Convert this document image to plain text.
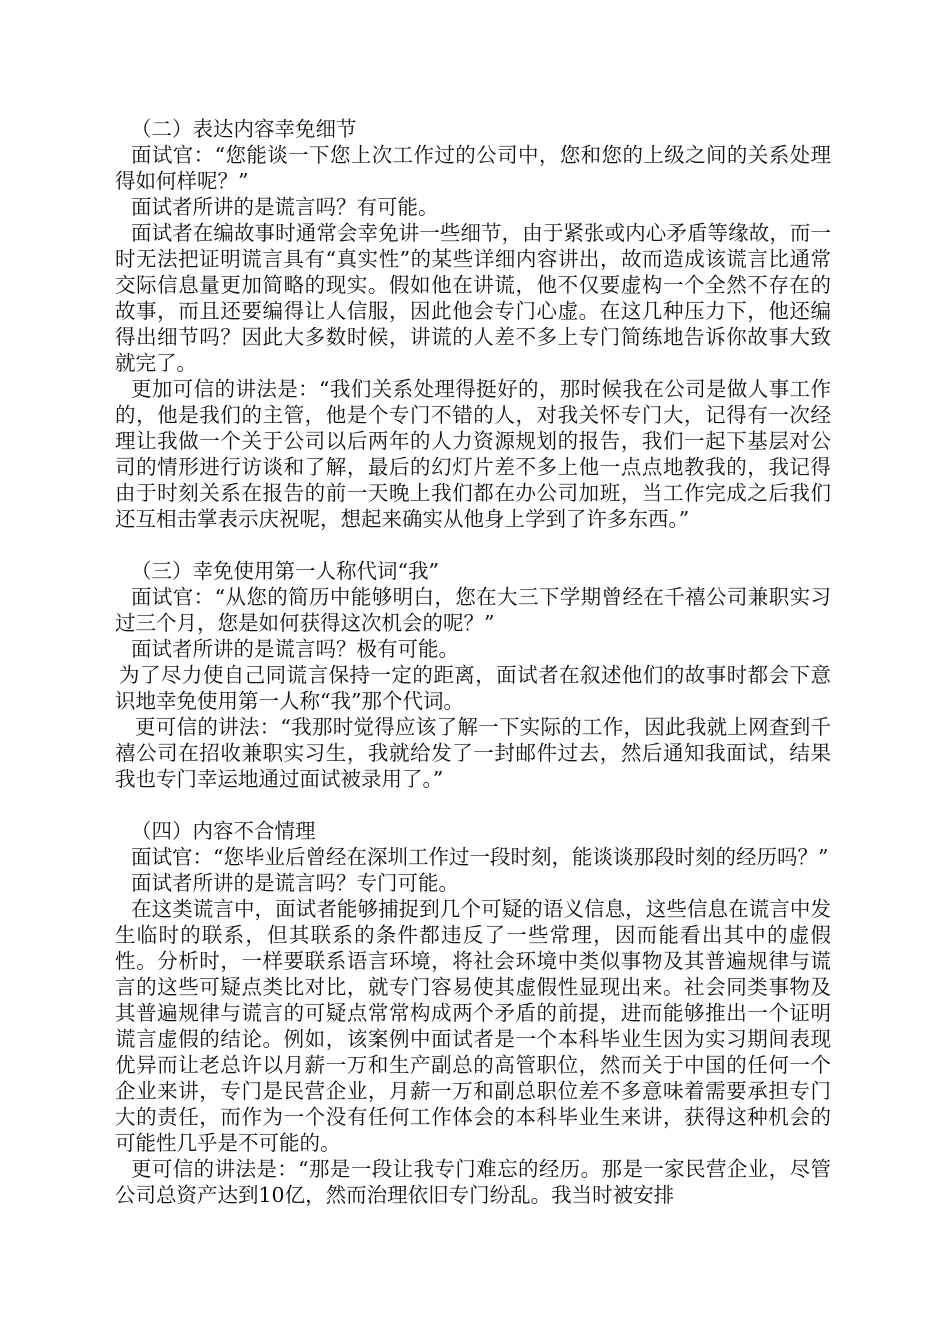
（二）表达内容幸免细节

面试官：“您能谈一下您上次工作过的公司中，您和您的上级之间的关系处理得如何样呢？”

面试者所讲的是谎言吗？有可能。

面试者在编故事时通常会幸免讲一些细节，由于紧张或内心矛盾等缘故，而一时无法把证明谎言具有“真实性”的某些详细内容讲出，故而造成该谎言比通常交际信息量更加简略的现实。假如他在讲谎，他不仅要虚构一个全然不存在的故事，而且还要编得让人信服，因此他会专门心虚。在这几种压力下，他还编得出细节吗？因此大多数时候，讲谎的人差不多上专门简练地告诉你故事大致就完了。

更加可信的讲法是：“我们关系处理得挺好的，那时候我在公司是做人事工作的，他是我们的主管，他是个专门不错的人，对我关怀专门大，记得有一次经理让我做一个关于公司以后两年的人力资源规划的报告，我们一起下基层对公司的情形进行访谈和了解，最后的幻灯片差不多上他一点点地教我的，我记得由于时刻关系在报告的前一天晚上我们都在办公司加班，当工作完成之后我们还互相击掌表示庆祝呢，想起来确实从他身上学到了许多东西。”

（三）幸免使用第一人称代词“我”

面试官：“从您的简历中能够明白，您在大三下学期曾经在千禧公司兼职实习过三个月，您是如何获得这次机会的呢？”

面试者所讲的是谎言吗？极有可能。

为了尽力使自己同谎言保持一定的距离，面试者在叙述他们的故事时都会下意识地幸免使用第一人称“我”那个代词。

更可信的讲法：“我那时觉得应该了解一下实际的工作，因此我就上网查到千禧公司在招收兼职实习生，我就给发了一封邮件过去，然后通知我面试，结果我也专门幸运地通过面试被录用了。”

（四）内容不合情理

面试官：“您毕业后曾经在深圳工作过一段时刻，能谈谈那段时刻的经历吗？”

面试者所讲的是谎言吗？专门可能。

在这类谎言中，面试者能够捕捉到几个可疑的语义信息，这些信息在谎言中发生临时的联系，但其联系的条件都违反了一些常理，因而能看出其中的虚假性。分析时，一样要联系语言环境，将社会环境中类似事物及其普遍规律与谎言的这些可疑点类比对比，就专门容易使其虚假性显现出来。社会同类事物及其普遍规律与谎言的可疑点常常构成两个矛盾的前提，进而能够推出一个证明谎言虚假的结论。例如，该案例中面试者是一个本科毕业生因为实习期间表现优异而让老总许以月薪一万和生产副总的高管职位，然而关于中国的任何一个企业来讲，专门是民营企业，月薪一万和副总职位差不多意味着需要承担专门大的责任，而作为一个没有任何工作体会的本科毕业生来讲，获得这种机会的可能性几乎是不可能的。

更可信的讲法是：“那是一段让我专门难忘的经历。那是一家民营企业，尽管公司总资产达到10亿，然而治理依旧专门纷乱。我当时被安排
